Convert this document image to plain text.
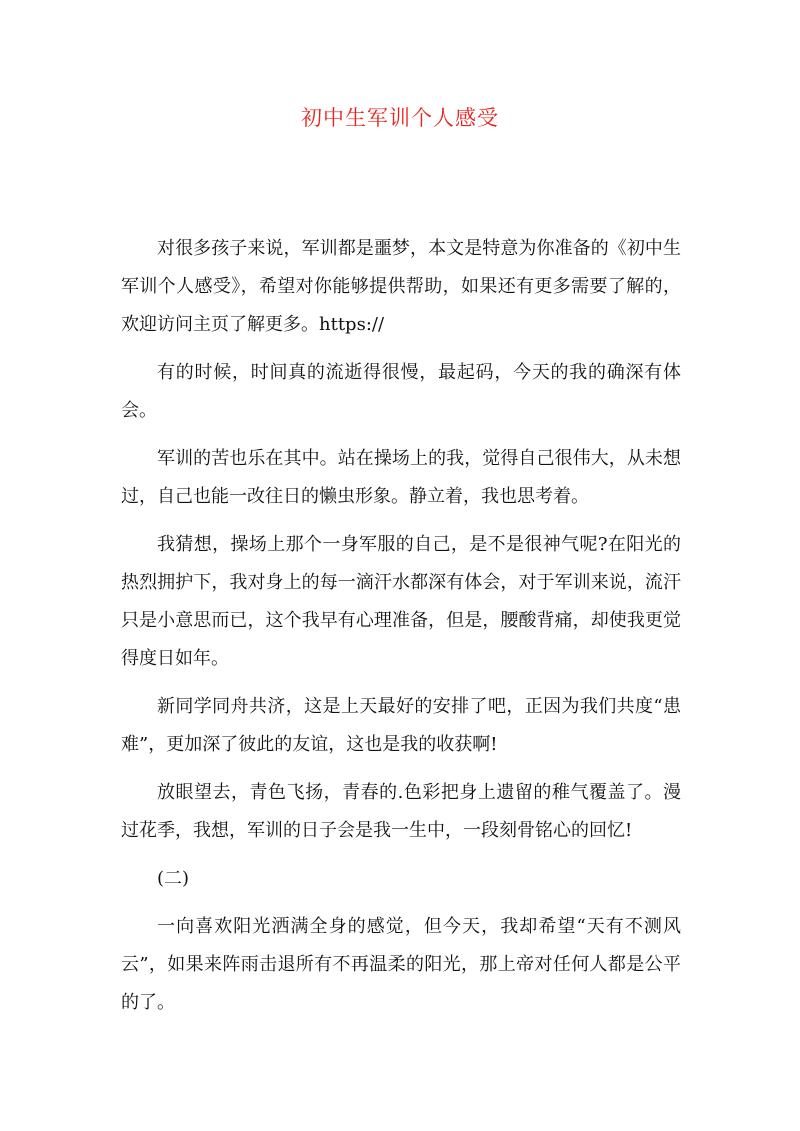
初中生军训个人感受

对很多孩子来说，军训都是噩梦，本文是特意为你准备的《初中生军训个人感受》，希望对你能够提供帮助，如果还有更多需要了解的，欢迎访问主页了解更多。https://

有的时候，时间真的流逝得很慢，最起码，今天的我的确深有体会。

军训的苦也乐在其中。站在操场上的我，觉得自己很伟大，从未想过，自己也能一改往日的懒虫形象。静立着，我也思考着。

我猜想，操场上那个一身军服的自己，是不是很神气呢?在阳光的热烈拥护下，我对身上的每一滴汗水都深有体会，对于军训来说，流汗只是小意思而已，这个我早有心理准备，但是，腰酸背痛，却使我更觉得度日如年。

新同学同舟共济，这是上天最好的安排了吧，正因为我们共度“患难”，更加深了彼此的友谊，这也是我的收获啊!

放眼望去，青色飞扬，青春的.色彩把身上遗留的稚气覆盖了。漫过花季，我想，军训的日子会是我一生中，一段刻骨铭心的回忆!

(二)

一向喜欢阳光洒满全身的感觉，但今天，我却希望“天有不测风云”，如果来阵雨击退所有不再温柔的阳光，那上帝对任何人都是公平的了。
